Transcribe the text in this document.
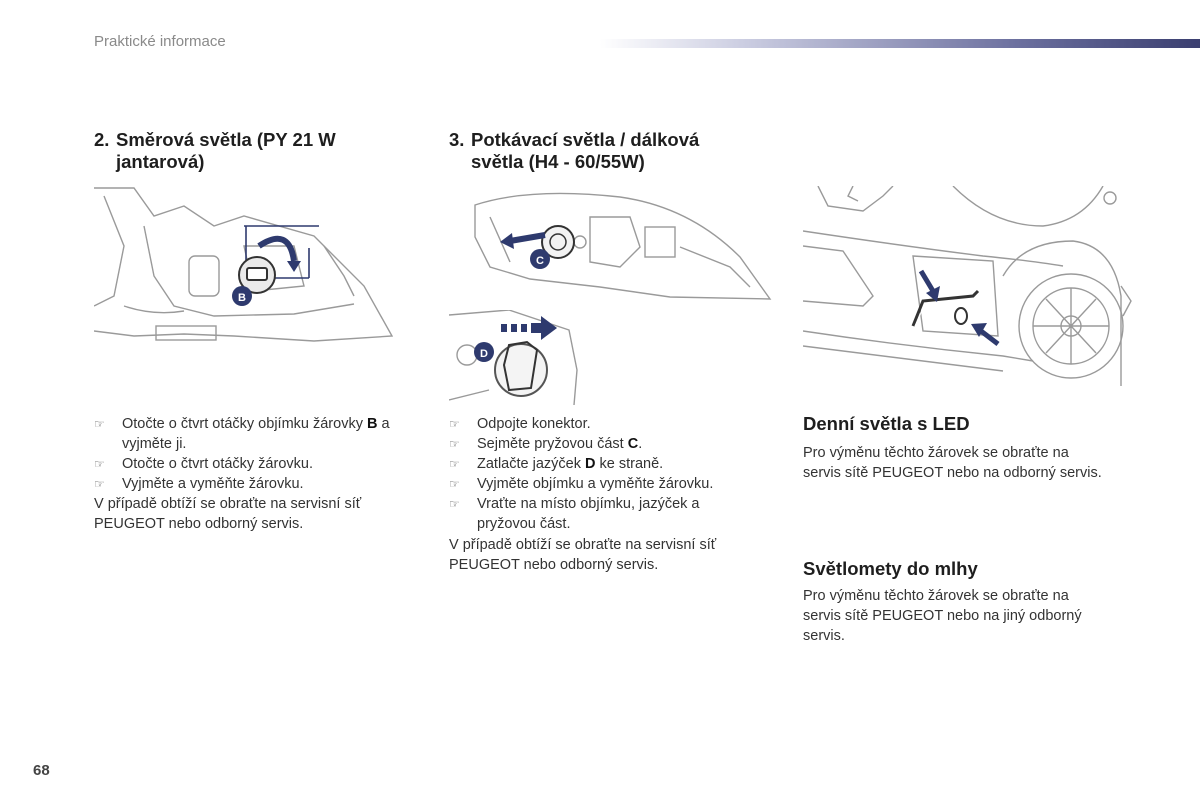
Praktické informace
2. Směrová světla (PY 21 W
jantarová)
3. Potkávací světla / dálková
světla (H4 - 60/55W)
B
C
D
☞ Otočte o čtvrt otáčky objímku žárovky B a
vyjměte ji.
☞ Otočte o čtvrt otáčky žárovku.
☞ Vyjměte a vyměňte žárovku.
V případě obtíží se obraťte na servisní síť
PEUGEOT nebo odborný servis.
☞ Odpojte konektor.
☞ Sejměte pryžovou část C.
☞ Zatlačte jazýček D ke straně.
☞ Vyjměte objímku a vyměňte žárovku.
☞ Vraťte na místo objímku, jazýček a
pryžovou část.
V případě obtíží se obraťte na servisní síť
PEUGEOT nebo odborný servis.
Denní světla s LED
Pro výměnu těchto žárovek se obraťte na
servis sítě PEUGEOT nebo na odborný servis.
Světlomety do mlhy
Pro výměnu těchto žárovek se obraťte na
servis sítě PEUGEOT nebo na jiný odborný
servis.
68
